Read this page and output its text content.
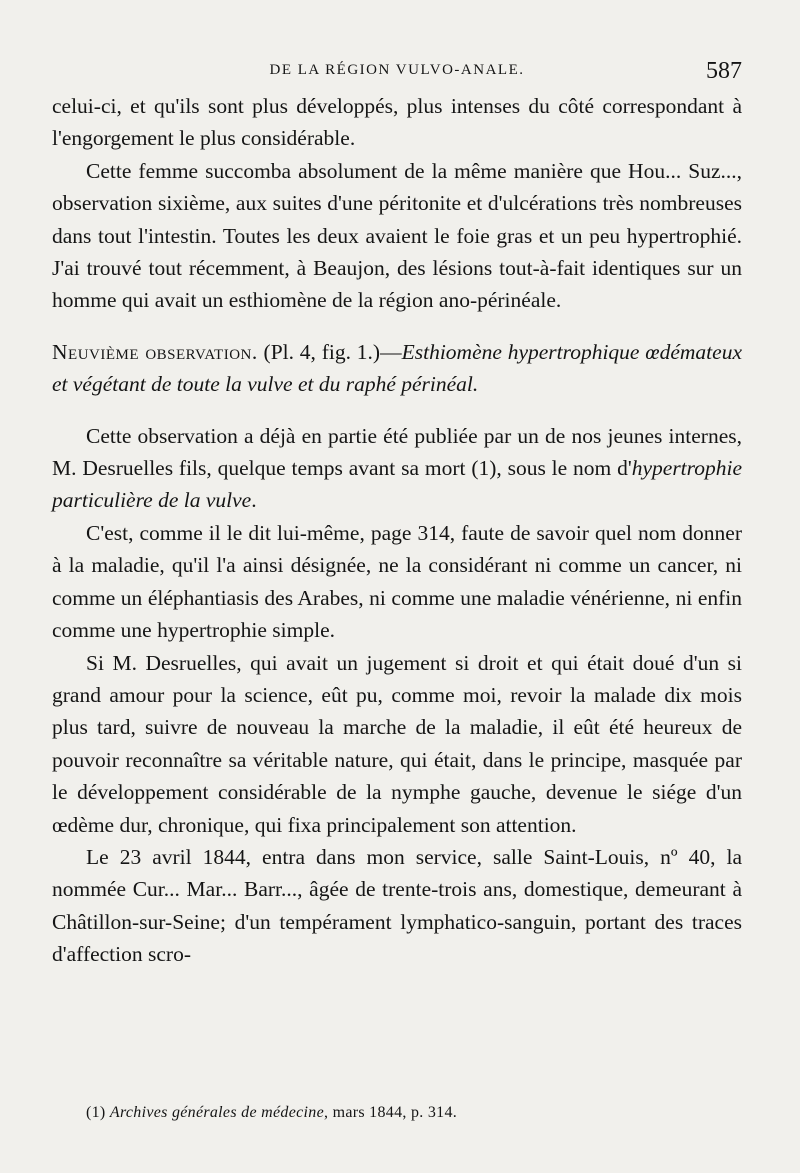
DE LA RÉGION VULVO-ANALE.	587

celui-ci, et qu'ils sont plus développés, plus intenses du côté correspondant à l'engorgement le plus considérable.

Cette femme succomba absolument de la même manière que Hou... Suz..., observation sixième, aux suites d'une péritonite et d'ulcérations très nombreuses dans tout l'intestin. Toutes les deux avaient le foie gras et un peu hypertrophié. J'ai trouvé tout récemment, à Beaujon, des lésions tout-à-fait identiques sur un homme qui avait un esthiomène de la région ano-périnéale.

Neuvième observation. (Pl. 4, fig. 1.)—Esthiomène hypertrophique œdémateux et végétant de toute la vulve et du raphé périnéal.

Cette observation a déjà en partie été publiée par un de nos jeunes internes, M. Desruelles fils, quelque temps avant sa mort (1), sous le nom d'hypertrophie particulière de la vulve.

C'est, comme il le dit lui-même, page 314, faute de savoir quel nom donner à la maladie, qu'il l'a ainsi désignée, ne la considérant ni comme un cancer, ni comme un éléphantiasis des Arabes, ni comme une maladie vénérienne, ni enfin comme une hypertrophie simple.

Si M. Desruelles, qui avait un jugement si droit et qui était doué d'un si grand amour pour la science, eût pu, comme moi, revoir la malade dix mois plus tard, suivre de nouveau la marche de la maladie, il eût été heureux de pouvoir reconnaître sa véritable nature, qui était, dans le principe, masquée par le développement considérable de la nymphe gauche, devenue le siége d'un œdème dur, chronique, qui fixa principalement son attention.

Le 23 avril 1844, entra dans mon service, salle Saint-Louis, nº 40, la nommée Cur... Mar... Barr..., âgée de trente-trois ans, domestique, demeurant à Châtillon-sur-Seine; d'un tempérament lymphatico-sanguin, portant des traces d'affection scro-

(1) Archives générales de médecine, mars 1844, p. 314.
